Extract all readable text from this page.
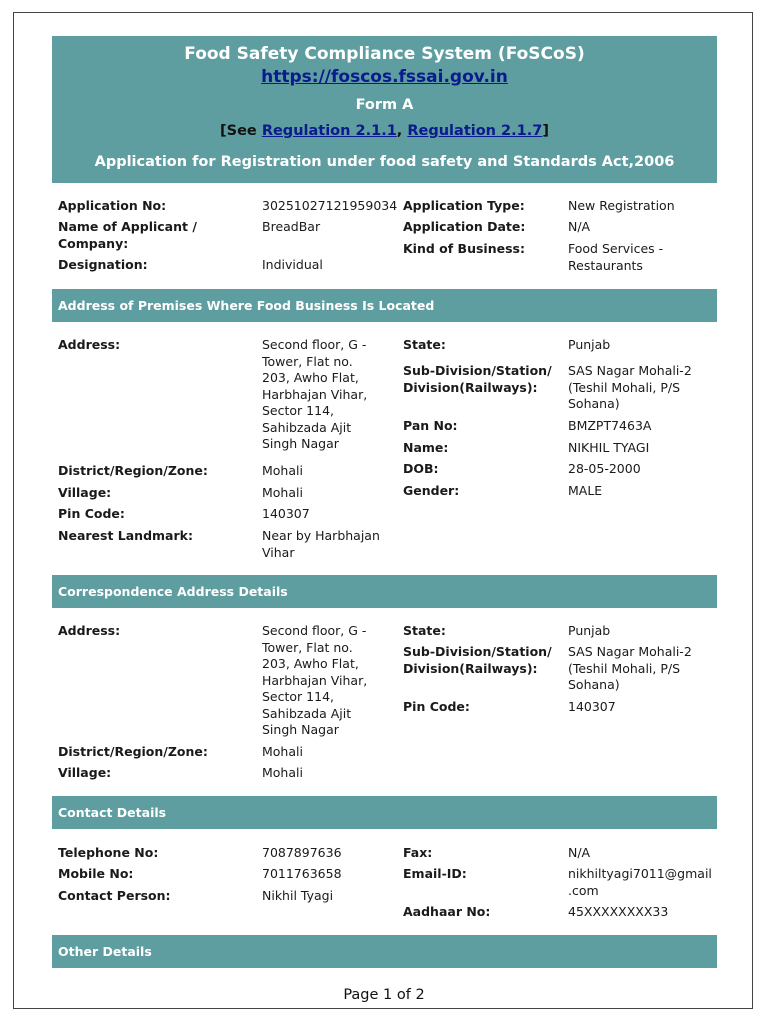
Food Safety Compliance System (FoSCoS)
https://foscos.fssai.gov.in
Form A
[See Regulation 2.1.1, Regulation 2.1.7]
Application for Registration under food safety and Standards Act,2006
Application No:	30251027121959034
Name of Applicant / Company:
BreadBar
Designation:	Individual
Application Type:	New Registration
Application Date:	N/A
Kind of Business:	Food Services - Restaurants
Address of Premises Where Food Business Is Located
Address:	Second floor, G - Tower, Flat no. 203, Awho Flat, Harbhajan Vihar, Sector 114, Sahibzada Ajit Singh Nagar
District/Region/Zone:	Mohali
Village:	Mohali
Pin Code:	140307
Nearest Landmark:	Near by Harbhajan Vihar
State:	Punjab
Sub-Division/Station/ Division(Railways):
SAS Nagar Mohali-2 (Teshil Mohali, P/S Sohana)
Pan No:	BMZPT7463A
Name:	NIKHIL TYAGI
DOB:	28-05-2000
Gender:	MALE
Correspondence Address Details
Address:	Second floor, G - Tower, Flat no. 203, Awho Flat, Harbhajan Vihar, Sector 114, Sahibzada Ajit Singh Nagar
District/Region/Zone:	Mohali
Village:	Mohali
State:	Punjab
Sub-Division/Station/ Division(Railways):
SAS Nagar Mohali-2 (Teshil Mohali, P/S Sohana)
Pin Code:	140307
Contact Details
Telephone No:	7087897636
Mobile No:	7011763658
Contact Person:	Nikhil Tyagi
Fax:	N/A
Email-ID:	nikhiltyagi7011@gmail .com
Aadhaar No:	45XXXXXXXX33
Other Details
Page 1 of 2
